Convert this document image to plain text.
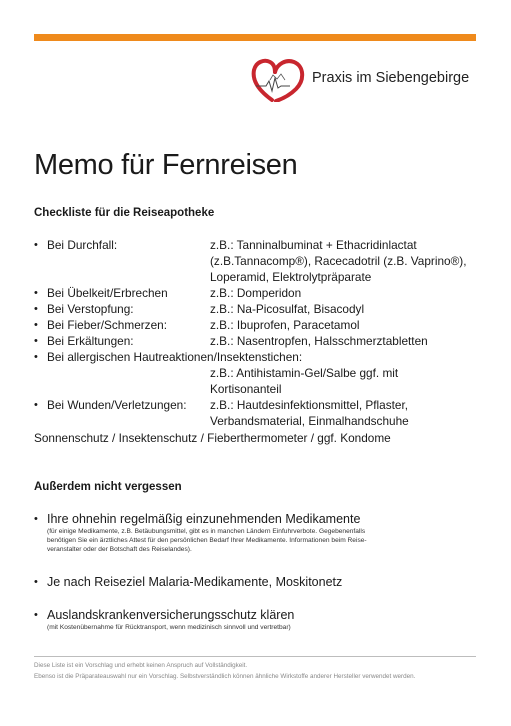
Praxis im Siebengebirge
Memo für Fernreisen
Checkliste für die Reiseapotheke
• Bei Durchfall:	z.B.: Tanninalbuminat + Ethacridinlactat
(z.B.Tannacomp®), Racecadotril (z.B. Vaprino®),
Loperamid, Elektrolytpräparate
• Bei Übelkeit/Erbrechen	z.B.: Domperidon
• Bei Verstopfung:	z.B.: Na-Picosulfat, Bisacodyl
• Bei Fieber/Schmerzen:	z.B.: Ibuprofen, Paracetamol
• Bei Erkältungen:	z.B.: Nasentropfen, Halsschmerztabletten
• Bei allergischen Hautreaktionen/Insektenstichen:
z.B.: Antihistamin-Gel/Salbe ggf. mit
Kortisonanteil
• Bei Wunden/Verletzungen: z.B.: Hautdesinfektionsmittel, Pflaster,
Verbandsmaterial, Einmalhandschuhe
Sonnenschutz / Insektenschutz / Fieberthermometer / ggf. Kondome
Außerdem nicht vergessen
• Ihre ohnehin regelmäßig einzunehmenden Medikamente
(für einige Medikamente, z.B. Betäubungsmittel, gibt es in manchen Ländern Einfuhrverbote. Gegebenenfalls
benötigen Sie ein ärztliches Attest für den persönlichen Bedarf Ihrer Medikamente. Informationen beim Reise-
veranstalter oder der Botschaft des Reiselandes).
• Je nach Reiseziel Malaria-Medikamente, Moskitonetz
• Auslandskrankenversicherungsschutz klären
(mit Kostenübernahme für Rücktransport, wenn medizinisch sinnvoll und vertretbar)
Diese Liste ist ein Vorschlag und erhebt keinen Anspruch auf Vollständigkeit.
Ebenso ist die Präparateauswahl nur ein Vorschlag. Selbstverständlich können ähnliche Wirkstoffe anderer Hersteller verwendet werden.
